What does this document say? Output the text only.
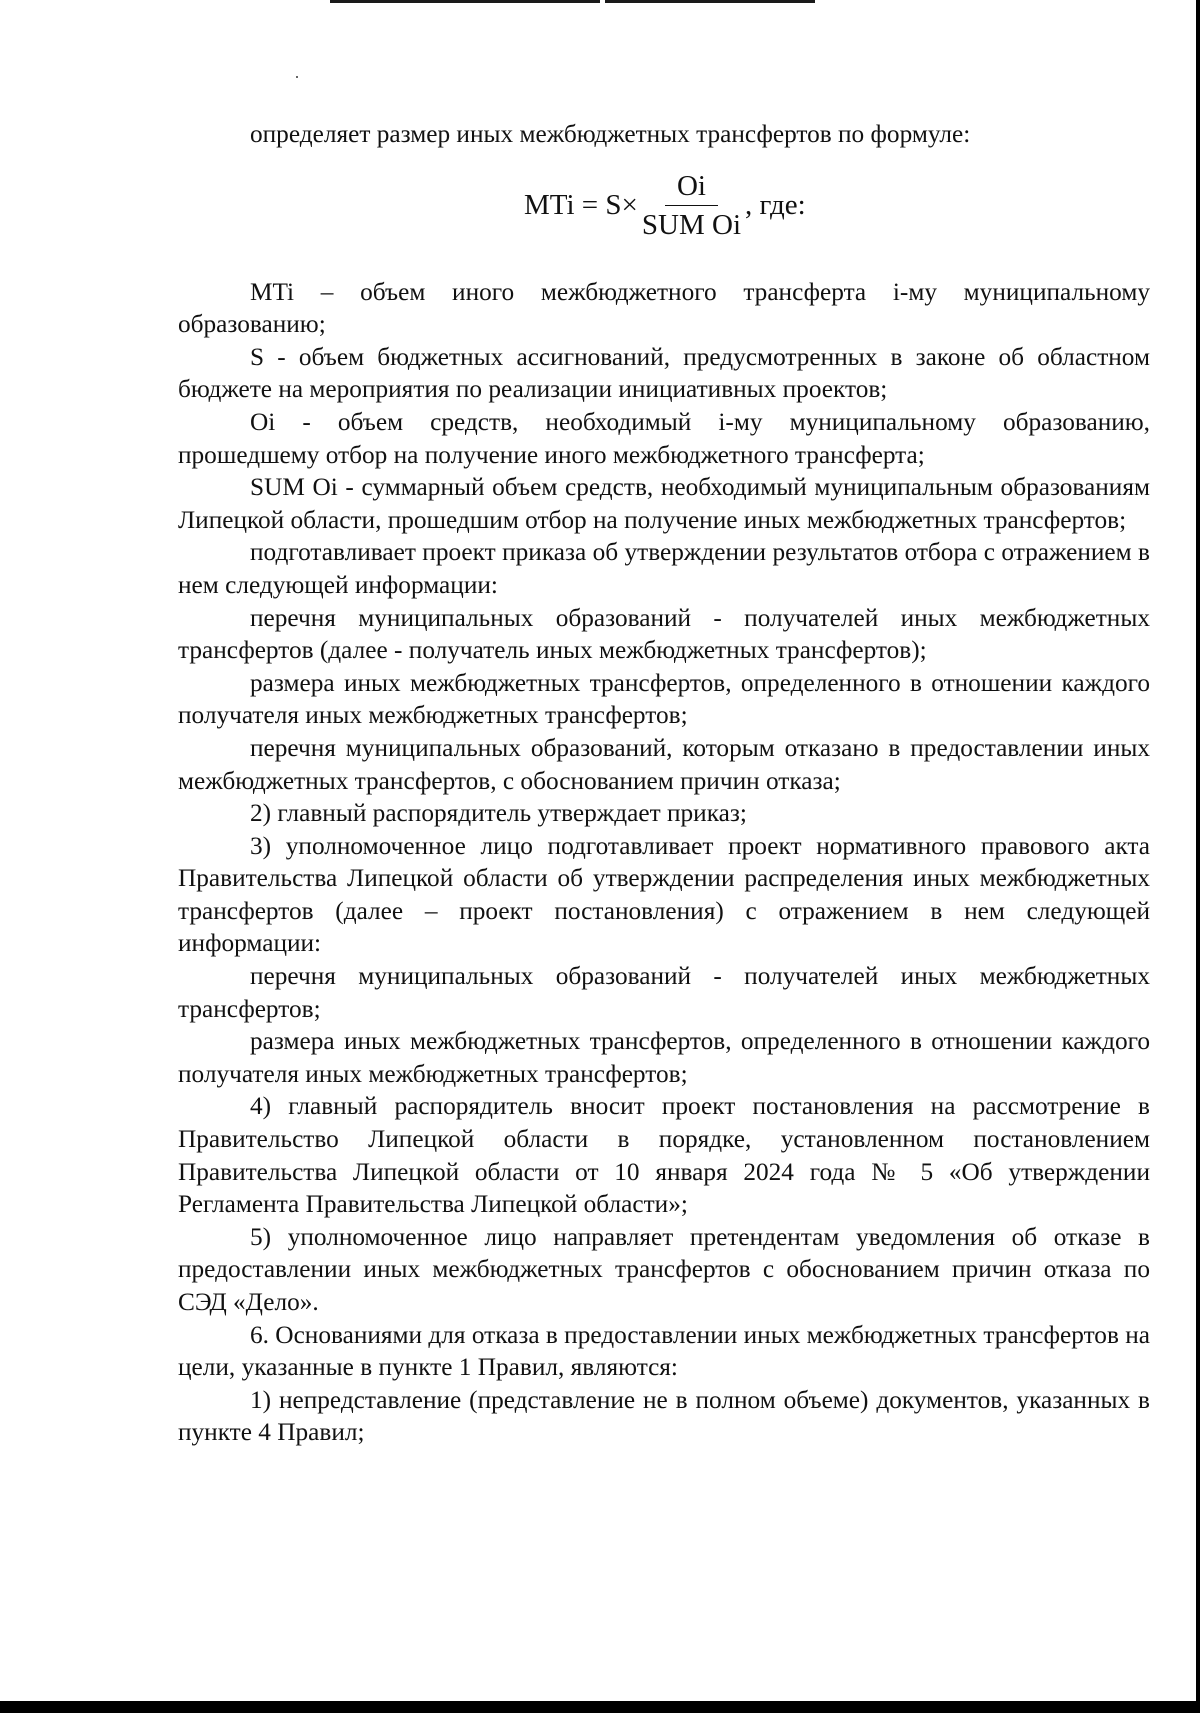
определяет размер иных межбюджетных трансфертов по формуле:

MTi = $S\times \frac{Oi}{\text{SUM Oi}}$ , где:

MTi – объем иного межбюджетного трансферта i-му муниципальному образованию;

S - объем бюджетных ассигнований, предусмотренных в законе об областном бюджете на мероприятия по реализации инициативных проектов;

Oi - объем средств, необходимый i-му муниципальному образованию, прошедшему отбор на получение иного межбюджетного трансферта;

SUM Oi - суммарный объем средств, необходимый муниципальным образованиям Липецкой области, прошедшим отбор на получение иных межбюджетных трансфертов;

подготавливает проект приказа об утверждении результатов отбора с отражением в нем следующей информации:

перечня муниципальных образований - получателей иных межбюджетных трансфертов (далее - получатель иных межбюджетных трансфертов);

размера иных межбюджетных трансфертов, определенного в отношении каждого получателя иных межбюджетных трансфертов;

перечня муниципальных образований, которым отказано в предоставлении иных межбюджетных трансфертов, с обоснованием причин отказа;

2) главный распорядитель утверждает приказ;

3) уполномоченное лицо подготавливает проект нормативного правового акта Правительства Липецкой области об утверждении распределения иных межбюджетных трансфертов (далее – проект постановления) с отражением в нем следующей информации:

перечня муниципальных образований - получателей иных межбюджетных трансфертов;

размера иных межбюджетных трансфертов, определенного в отношении каждого получателя иных межбюджетных трансфертов;

4) главный распорядитель вносит проект постановления на рассмотрение в Правительство Липецкой области в порядке, установленном постановлением Правительства Липецкой области от 10 января 2024 года № 5 «Об утверждении Регламента Правительства Липецкой области»;

5) уполномоченное лицо направляет претендентам уведомления об отказе в предоставлении иных межбюджетных трансфертов с обоснованием причин отказа по СЭД «Дело».

6. Основаниями для отказа в предоставлении иных межбюджетных трансфертов на цели, указанные в пункте 1 Правил, являются:

1) непредставление (представление не в полном объеме) документов, указанных в пункте 4 Правил;
